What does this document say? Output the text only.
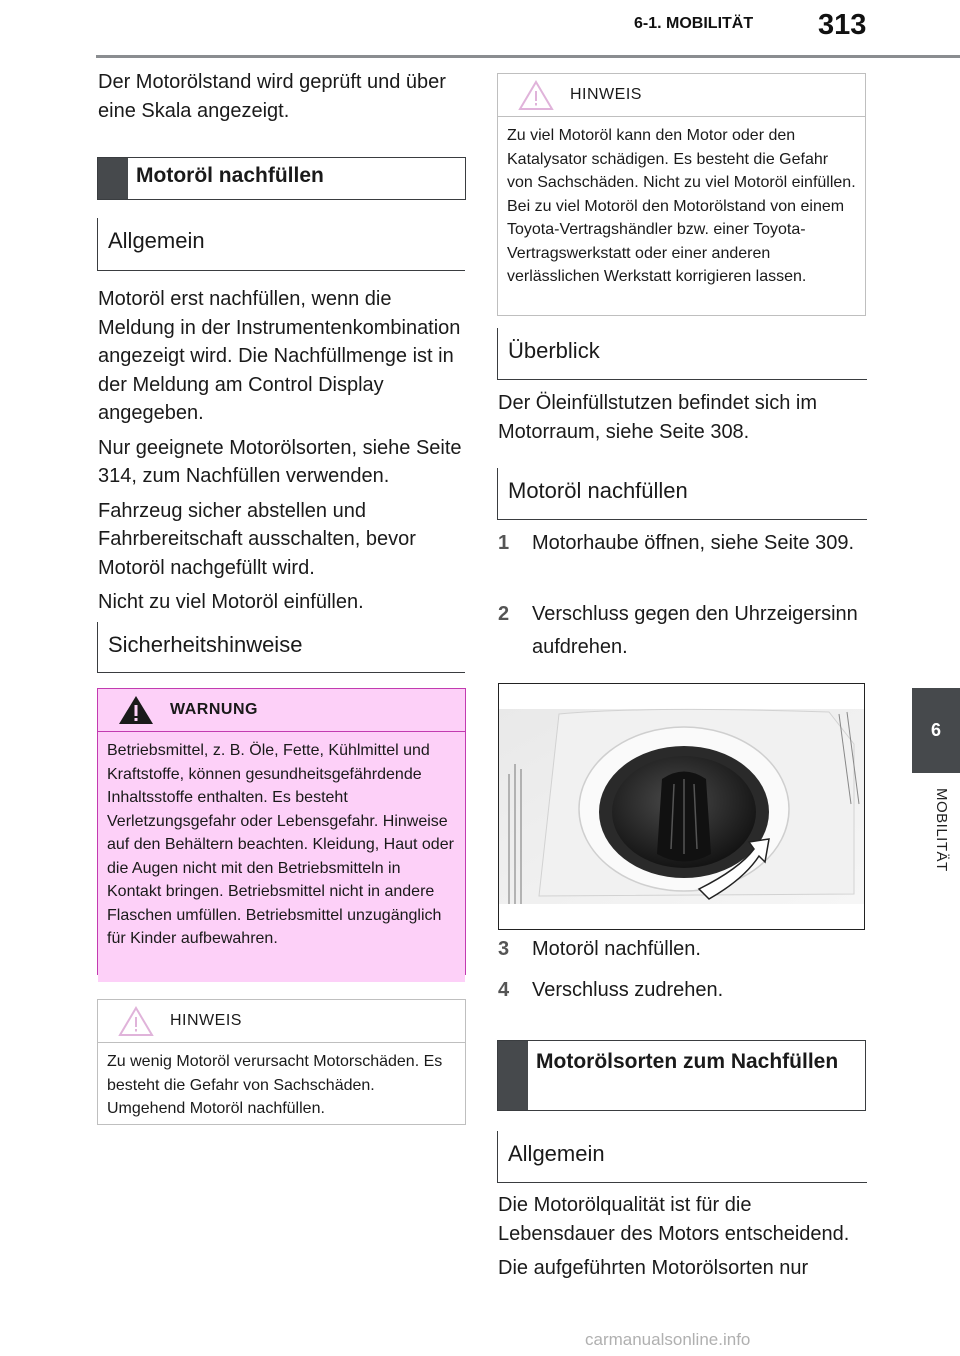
6-1. MOBILITÄT 313
6
MOBILITÄT
Der Motorölstand wird geprüft und über eine Skala angezeigt.
Motoröl nachfüllen
Allgemein

Motoröl erst nachfüllen, wenn die Meldung in der Instrumentenkombination angezeigt wird. Die Nachfüllmenge ist in der Meldung am Control Display angegeben.

Nur geeignete Motorölsorten, siehe Seite 314, zum Nachfüllen verwenden.

Fahrzeug sicher abstellen und Fahrbereitschaft ausschalten, bevor Motoröl nachgefüllt wird.

Nicht zu viel Motoröl einfüllen.

Sicherheitshinweise
WARNUNG
Betriebsmittel, z. B. Öle, Fette, Kühlmittel und Kraftstoffe, können gesundheitsgefährdende Inhaltsstoffe enthalten. Es besteht Verletzungsgefahr oder Lebensgefahr. Hinweise auf den Behältern beachten. Kleidung, Haut oder die Augen nicht mit den Betriebsmitteln in Kontakt bringen. Betriebsmittel nicht in andere Flaschen umfüllen. Betriebsmittel unzugänglich für Kinder aufbewahren.
HINWEIS
Zu wenig Motoröl verursacht Motorschäden. Es besteht die Gefahr von Sachschäden. Umgehend Motoröl nachfüllen.
HINWEIS
Zu viel Motoröl kann den Motor oder den Katalysator schädigen. Es besteht die Gefahr von Sachschäden. Nicht zu viel Motoröl einfüllen. Bei zu viel Motoröl den Motorölstand von einem Toyota-Vertragshändler bzw. einer Toyota-Vertragswerkstatt oder einer anderen verlässlichen Werkstatt korrigieren lassen.
Überblick
Der Öleinfüllstutzen befindet sich im Motorraum, siehe Seite 308.
Motoröl nachfüllen
1 Motorhaube öffnen, siehe Seite 309.
2 Verschluss gegen den Uhrzeigersinn aufdrehen.
3 Motoröl nachfüllen.
4 Verschluss zudrehen.
Motorölsorten zum Nachfüllen
Allgemein

Die Motorölqualität ist für die Lebensdauer des Motors entscheidend.

Die aufgeführten Motorölsorten nur

carmanualsonline.info
